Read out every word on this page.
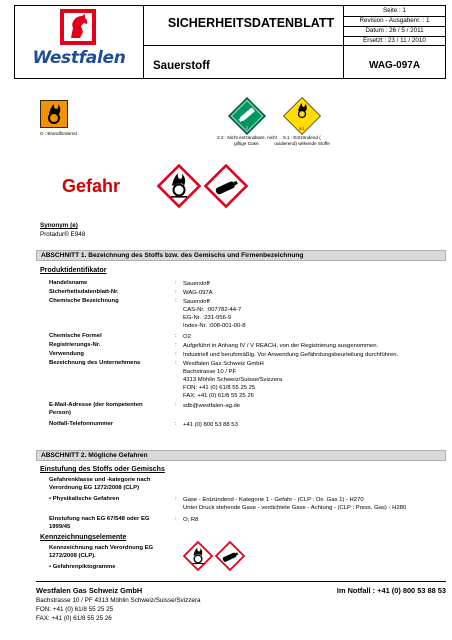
Westfalen
SICHERHEITSDATENBLATT
Sauerstoff
Seite : 1
Revision - Ausgabenr. : 1
Datum : 26 / 5 / 2011
Ersetzt : 23 / 11 / 2010
WAG-097A
O : Brandfördernd
2
2.2 : Nicht entzündbare, nicht giftige Gase.
5.1
5.1 : Entzündend ( oxidierend) wirkende Stoffe
Gefahr
Synonym (e)
Protadur® E948
ABSCHNITT 1. Bezeichnung des Stoffs bzw. des Gemischs und Firmenbezeichnung
Produktidentifikator
Handelsname	: Sauerstoff
Sicherheitsdatenblatt-Nr.	: WAG-097A
Chemische Bezeichnung	: Sauerstoff
CAS-Nr. :007782-44-7
EG-Nr. :231-956-9
Index-Nr. :008-001-00-8
Chemische Formel	: O2
Registrierungs-Nr.	: Aufgeführt in Anhang IV / V REACH, von der Registrierung ausgenommen.
Verwendung	: Industriell und berufsmäßig. Vor Anwendung Gefährdungsbeurteilung durchführen.
Bezeichnung des Unternehmens	: Westfalen Gas Schweiz GmbH
Bachstrasse 10 / PF
4313 Möhlin Schweiz/Suisse/Svizzera
FON: +41 (0) 61/8 55 25 25
FAX: +41 (0) 61/8 55 25 26
E-Mail-Adresse (der kompetenten
Person)
: sdb@westfalen-ag.de
Notfall-Telefonnummer	: +41 (0) 800 53 88 53
ABSCHNITT 2. Mögliche Gefahren
Einstufung des Stoffs oder Gemischs
Gefahrenklasse und -kategorie nach Verordnung EG 1272/2008 (CLP)
• Physikalische Gefahren	: Gase - Entzündend - Kategorie 1 - Gefahr - (CLP : Ox. Gas 1) - H270
Unter Druck stehende Gase - verdichtete Gase - Achtung - (CLP : Press. Gas) - H280
Einstufung nach EG 67/548 oder EG 1999/45
: O; R8
Kennzeichnungselemente
Kennzeichnung nach Verordnung EG 1272/2008 (CLP).
• Gefahrenpiktogramme
Westfalen Gas Schweiz GmbH	Im Notfall : +41 (0) 800 53 88 53
Bachstrasse 10 / PF 4313 Möhlin Schweiz/Suisse/Svizzera
FON: +41 (0) 61/8 55 25 25
FAX: +41 (0) 61/8 55 25 26
